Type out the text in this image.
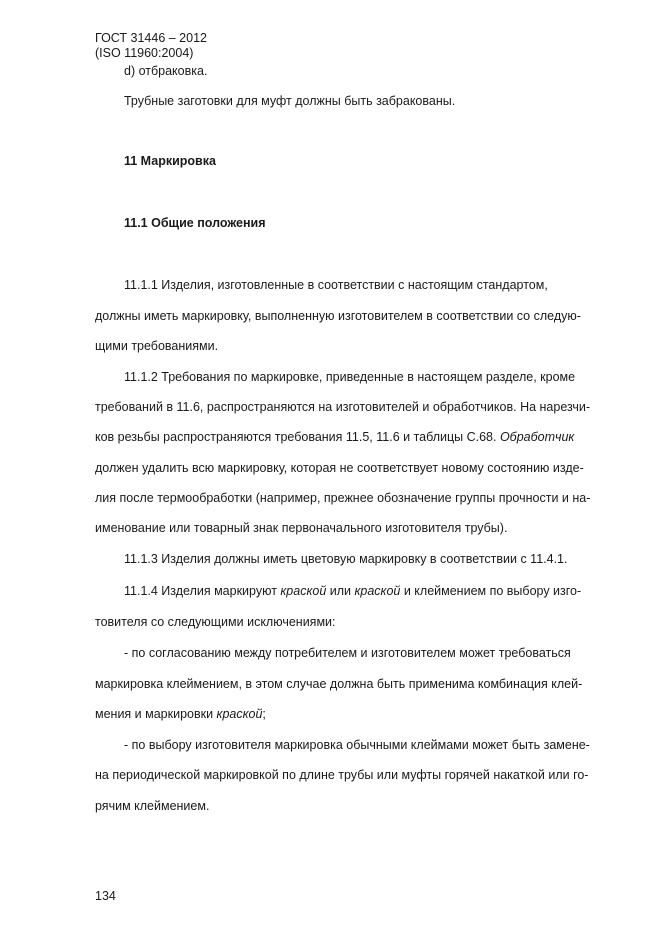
ГОСТ 31446 – 2012
(ISO 11960:2004)
d) отбраковка.
Трубные заготовки для муфт должны быть забракованы.
11 Маркировка
11.1 Общие положения
11.1.1 Изделия, изготовленные в соответствии с настоящим стандартом,
должны иметь маркировку, выполненную изготовителем в соответствии со следую-
щими требованиями.
11.1.2 Требования по маркировке, приведенные в настоящем разделе, кроме
требований в 11.6, распространяются на изготовителей и обработчиков. На нарезчи-
ков резьбы распространяются требования 11.5, 11.6 и таблицы С.68. Обработчик
должен удалить всю маркировку, которая не соответствует новому состоянию изде-
лия после термообработки (например, прежнее обозначение группы прочности и на-
именование или товарный знак первоначального изготовителя трубы).
11.1.3 Изделия должны иметь цветовую маркировку в соответствии с 11.4.1.
11.1.4 Изделия маркируют краской или краской и клеймением по выбору изго-
товителя со следующими исключениями:
- по согласованию между потребителем и изготовителем может требоваться
маркировка клеймением, в этом случае должна быть применима комбинация клей-
мения и маркировки краской;
- по выбору изготовителя маркировка обычными клеймами может быть замене-
на периодической маркировкой по длине трубы или муфты горячей накаткой или го-
рячим клеймением.
134
